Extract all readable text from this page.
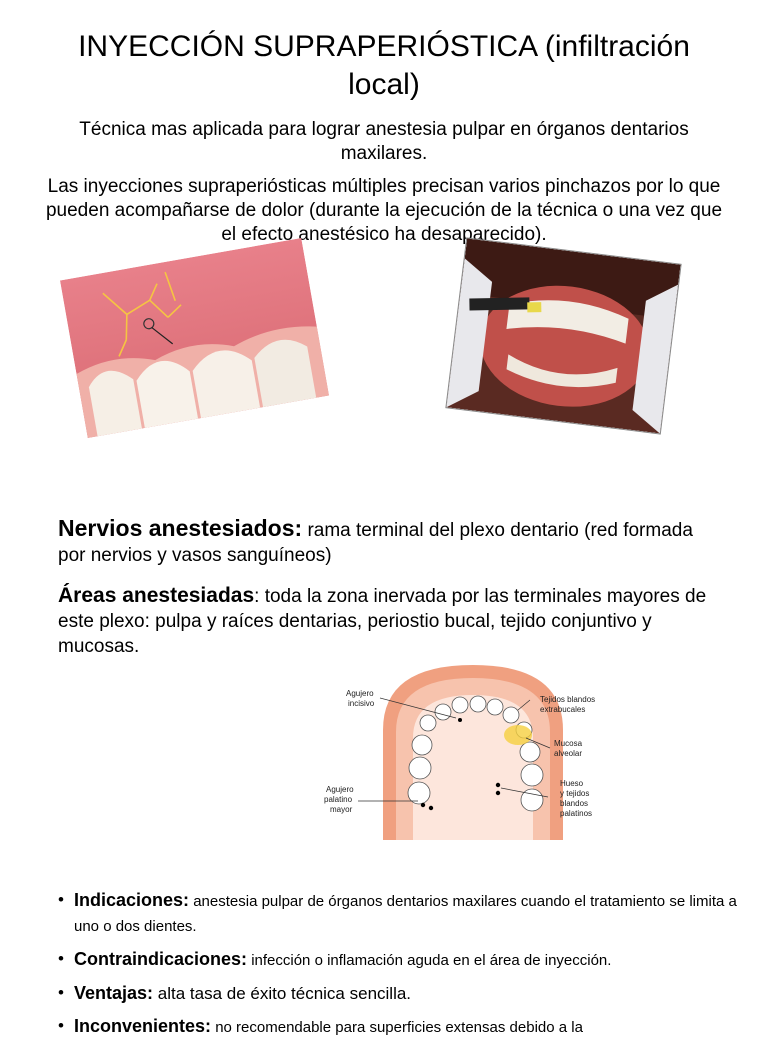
INYECCIÓN SUPRAPERIÓSTICA (infiltración local)
Técnica mas aplicada para lograr anestesia pulpar en órganos dentarios maxilares.
Las inyecciones supraperiósticas múltiples precisan varios pinchazos por lo que pueden acompañarse de dolor (durante la ejecución de la técnica o una vez que el efecto anestésico ha desaparecido).
Nervios anestesiados: rama terminal del plexo dentario (red formada por nervios y vasos sanguíneos)
Áreas anestesiadas: toda la zona inervada por las terminales mayores de este plexo: pulpa y raíces dentarias, periostio bucal, tejido conjuntivo y mucosas.
Agujero
incisivo	Tejidos blandos
extrabucales
Mucosa
alveolar
Agujero
palatino
mayor
Hueso
y tejidos
blandos
palatinos
• Indicaciones: anestesia pulpar de órganos dentarios maxilares cuando el tratamiento se limita a uno o dos dientes.
• Contraindicaciones: infección o inflamación aguda en el área de inyección.
• Ventajas: alta tasa de éxito técnica sencilla.
• Inconvenientes: no recomendable para superficies extensas debido a la
